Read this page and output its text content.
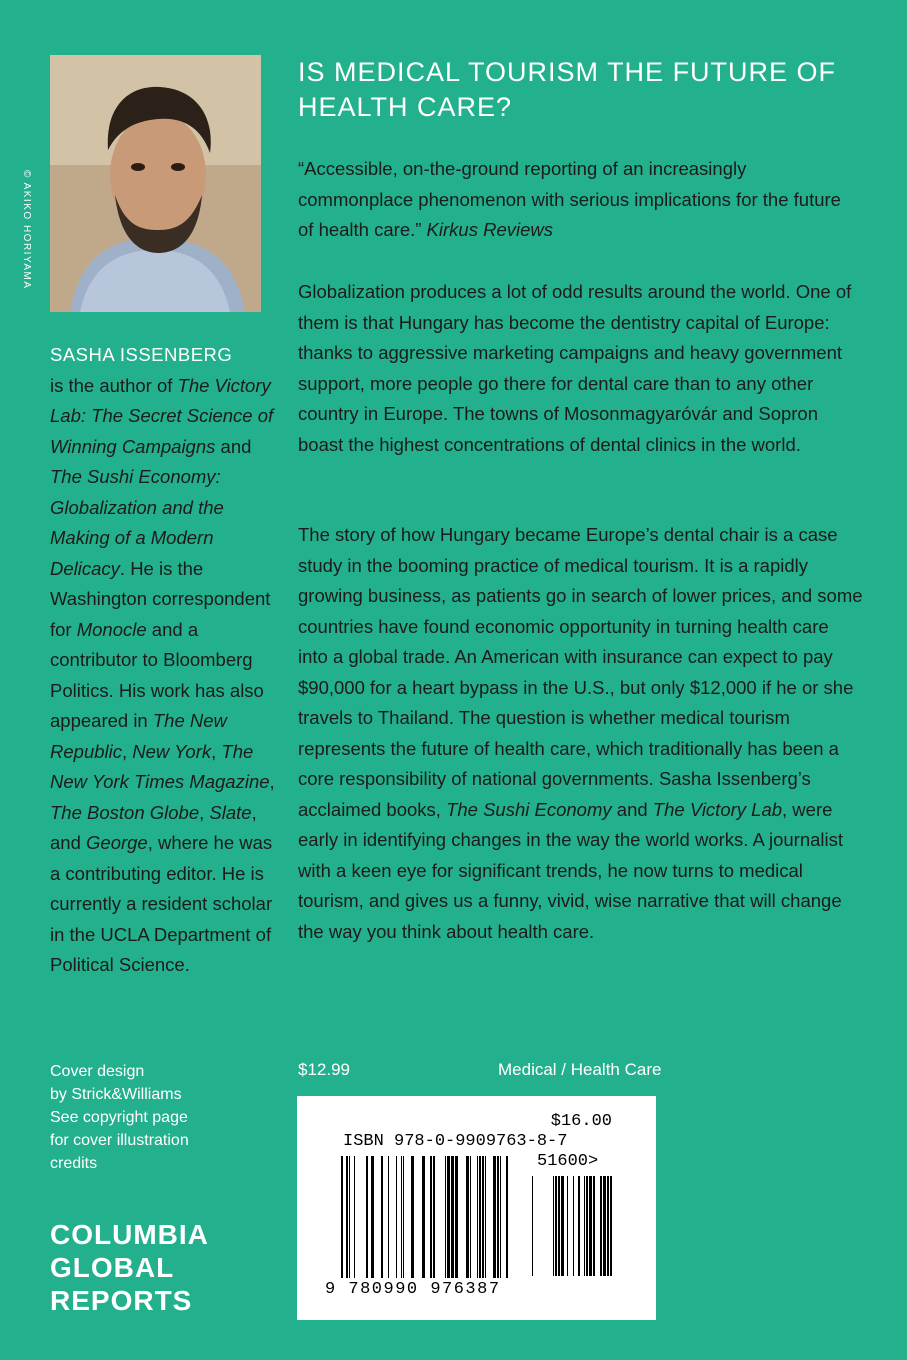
© AKIKO HORIYAMA
SASHA ISSENBERG
is the author of The Victory Lab: The Secret Science of Winning Campaigns and The Sushi Economy: Globalization and the Making of a Modern Delicacy. He is the Washington correspondent for Monocle and a contributor to Bloomberg Politics. His work has also appeared in The New Republic, New York, The New York Times Magazine, The Boston Globe, Slate, and George, where he was a contributing editor. He is currently a resident scholar in the UCLA Department of Political Science.
IS MEDICAL TOURISM THE FUTURE OF HEALTH CARE?
“Accessible, on-the-ground reporting of an increasingly commonplace phenomenon with serious implications for the future of health care.” Kirkus Reviews
Globalization produces a lot of odd results around the world. One of them is that Hungary has become the dentistry capital of Europe: thanks to aggressive marketing campaigns and heavy government support, more people go there for dental care than to any other country in Europe. The towns of Mosonmagyaróvár and Sopron boast the highest concentrations of dental clinics in the world.
The story of how Hungary became Europe’s dental chair is a case study in the booming practice of medical tourism. It is a rapidly growing business, as patients go in search of lower prices, and some countries have found economic opportunity in turning health care into a global trade. An American with insurance can expect to pay $90,000 for a heart bypass in the U.S., but only $12,000 if he or she travels to Thailand. The question is whether medical tourism represents the future of health care, which traditionally has been a core responsibility of national governments. Sasha Issenberg’s acclaimed books, The Sushi Economy and The Victory Lab, were early in identifying changes in the way the world works. A journalist with a keen eye for significant trends, he now turns to medical tourism, and gives us a funny, vivid, wise narrative that will change the way you think about health care.
Cover design
by Strick&Williams
See copyright page
for cover illustration
credits
COLUMBIA
GLOBAL
REPORTS
$12.99	Medical / Health Care
$16.00
ISBN 978-0-9909763-8-7
51600>
9 780990 976387
